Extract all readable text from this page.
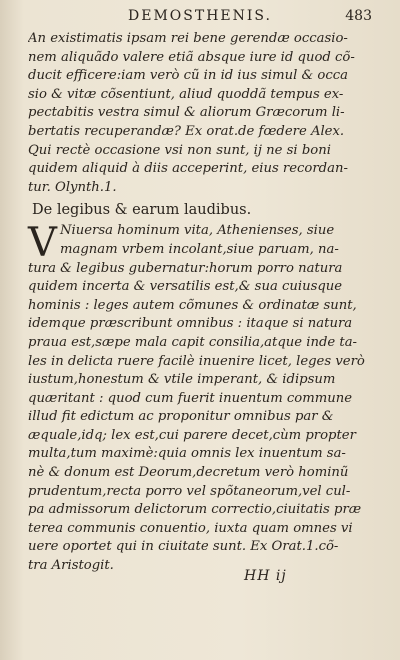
DEMOSTHENIS.	483
An existimatis ipsam rei bene gerendæ occasio-
nem aliquãdo valere etiã absque iure id quod cõ-
ducit efficere:iam verò cũ in id ius simul & occa
sio & vitæ cõsentiunt, aliud quoddã tempus ex-
pectabitis vestra simul & aliorum Græcorum li-
bertatis recuperandæ? Ex orat.de fœdere Alex.
Qui rectè occasione vsi non sunt, ij ne si boni
quidem aliquid à diis acceperint, eius recordan-
tur. Olynth.1.
De legibus & earum laudibus.
V Niuersa hominum vita, Athenienses, siue
magnam vrbem incolant,siue paruam, na-
tura & legibus gubernatur:horum porro natura
quidem incerta & versatilis est,& sua cuiusque
hominis : leges autem cõmunes & ordinatæ sunt,
idemque præscribunt omnibus : itaque si natura
praua est,sæpe mala capit consilia,atque inde ta-
les in delicta ruere facilè inuenire licet, leges verò
iustum,honestum & vtile imperant, & idipsum
quæritant : quod cum fuerit inuentum commune
illud fit edictum ac proponitur omnibus par &
æquale,idq; lex est,cui parere decet,cùm propter
multa,tum maximè:quia omnis lex inuentum sa-
nè & donum est Deorum,decretum verò hominũ
prudentum,recta porro vel spõtaneorum,vel cul-
pa admissorum delictorum correctio,ciuitatis præ
terea communis conuentio, iuxta quam omnes vi
uere oportet qui in ciuitate sunt. Ex Orat.1.cõ-
tra Aristogit.
HH ij
